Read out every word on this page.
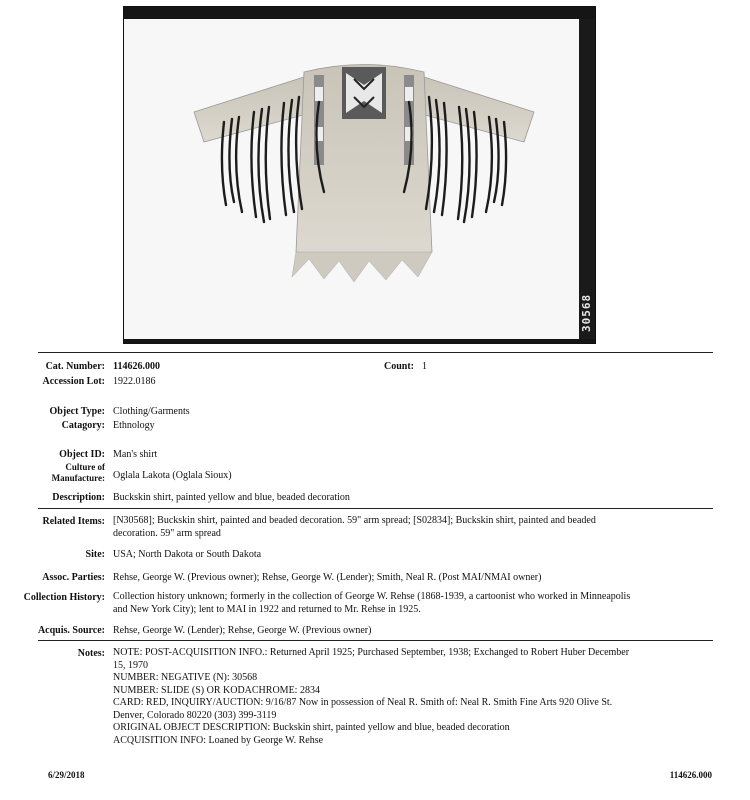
30568
Cat. Number: 114626.000	Count: 1
Accession Lot: 1922.0186
Object Type: Clothing/Garments
Catagory: Ethnology
Object ID: Man's shirt
Culture of
Manufacture: Oglala Lakota (Oglala Sioux)
Description: Buckskin shirt, painted yellow and blue, beaded decoration
Related Items: [N30568]; Buckskin shirt, painted and beaded decoration. 59" arm spread; [S02834]; Buckskin shirt, painted and beaded decoration. 59" arm spread
Site: USA; North Dakota or South Dakota
Assoc. Parties: Rehse, George W. (Previous owner); Rehse, George W. (Lender); Smith, Neal R. (Post MAI/NMAI owner)
Collection History: Collection history unknown; formerly in the collection of George W. Rehse (1868-1939, a cartoonist who worked in Minneapolis and New York City); lent to MAI in 1922 and returned to Mr. Rehse in 1925.
Acquis. Source: Rehse, George W. (Lender); Rehse, George W. (Previous owner)
Notes: NOTE: POST-ACQUISITION INFO.: Returned April 1925; Purchased September, 1938; Exchanged to Robert Huber December 15, 1970
NUMBER: NEGATIVE (N): 30568
NUMBER: SLIDE (S) OR KODACHROME: 2834
CARD: RED, INQUIRY/AUCTION: 9/16/87 Now in possession of Neal R. Smith of: Neal R. Smith Fine Arts 920 Olive St. Denver, Colorado 80220 (303) 399-3119
ORIGINAL OBJECT DESCRIPTION: Buckskin shirt, painted yellow and blue, beaded decoration
ACQUISITION INFO: Loaned by George W. Rehse
6/29/2018	114626.000
